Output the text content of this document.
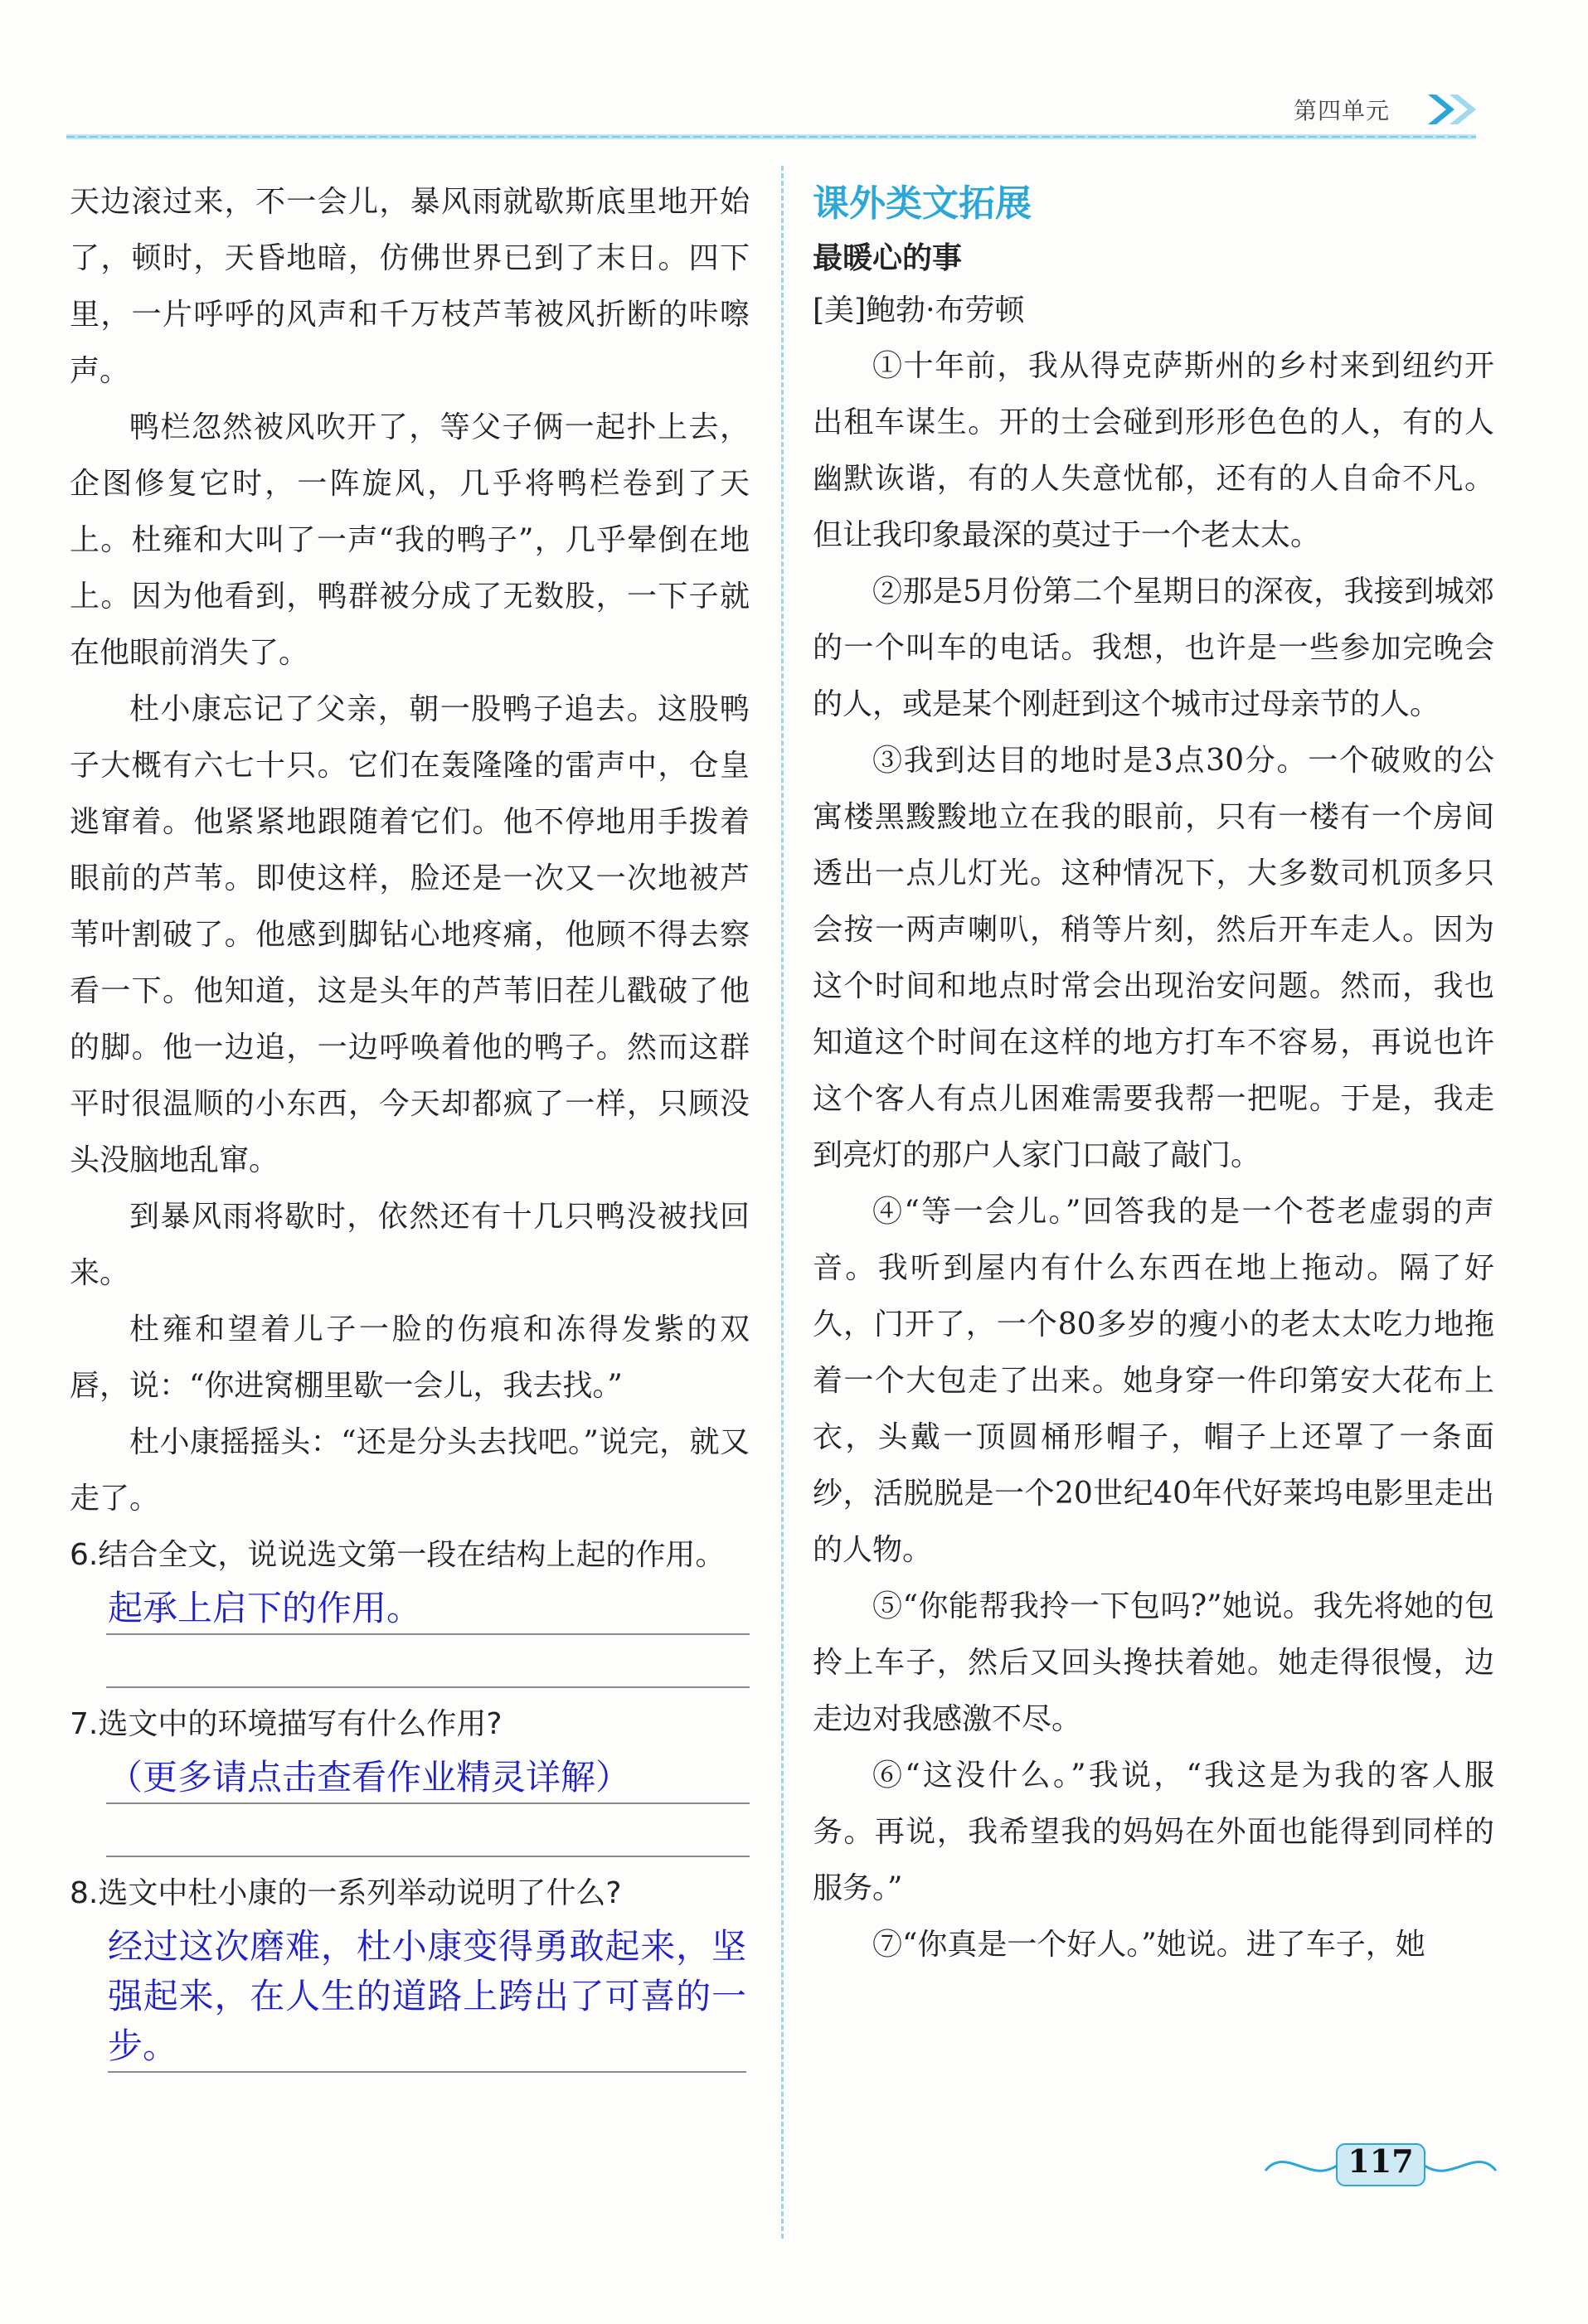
第四单元

天边滚过来，不一会儿，暴风雨就歇斯底里地开始了，顿时，天昏地暗，仿佛世界已到了末日。四下里，一片呼呼的风声和千万枝芦苇被风折断的咔嚓声。

鸭栏忽然被风吹开了，等父子俩一起扑上去，企图修复它时，一阵旋风，几乎将鸭栏卷到了天上。杜雍和大叫了一声“我的鸭子”，几乎晕倒在地上。因为他看到，鸭群被分成了无数股，一下子就在他眼前消失了。

杜小康忘记了父亲，朝一股鸭子追去。这股鸭子大概有六七十只。它们在轰隆隆的雷声中，仓皇逃窜着。他紧紧地跟随着它们。他不停地用手拨着眼前的芦苇。即使这样，脸还是一次又一次地被芦苇叶割破了。他感到脚钻心地疼痛，他顾不得去察看一下。他知道，这是头年的芦苇旧茬儿戳破了他的脚。他一边追，一边呼唤着他的鸭子。然而这群平时很温顺的小东西，今天却都疯了一样，只顾没头没脑地乱窜。

到暴风雨将歇时，依然还有十几只鸭没被找回来。

杜雍和望着儿子一脸的伤痕和冻得发紫的双唇，说：“你进窝棚里歇一会儿，我去找。”

杜小康摇摇头：“还是分头去找吧。”说完，就又走了。

6.结合全文，说说选文第一段在结构上起的作用。

起承上启下的作用。

7.选文中的环境描写有什么作用?

（更多请点击查看作业精灵详解）

8.选文中杜小康的一系列举动说明了什么?

经过这次磨难，杜小康变得勇敢起来，坚强起来，在人生的道路上跨出了可喜的一步。

课外类文拓展

最暖心的事

[美]鲍勃·布劳顿

①十年前，我从得克萨斯州的乡村来到纽约开出租车谋生。开的士会碰到形形色色的人，有的人幽默诙谐，有的人失意忧郁，还有的人自命不凡。但让我印象最深的莫过于一个老太太。

②那是5月份第二个星期日的深夜，我接到城郊的一个叫车的电话。我想，也许是一些参加完晚会的人，或是某个刚赶到这个城市过母亲节的人。

③我到达目的地时是3点30分。一个破败的公寓楼黑黢黢地立在我的眼前，只有一楼有一个房间透出一点儿灯光。这种情况下，大多数司机顶多只会按一两声喇叭，稍等片刻，然后开车走人。因为这个时间和地点时常会出现治安问题。然而，我也知道这个时间在这样的地方打车不容易，再说也许这个客人有点儿困难需要我帮一把呢。于是，我走到亮灯的那户人家门口敲了敲门。

④“等一会儿。”回答我的是一个苍老虚弱的声音。我听到屋内有什么东西在地上拖动。隔了好久，门开了，一个80多岁的瘦小的老太太吃力地拖着一个大包走了出来。她身穿一件印第安大花布上衣，头戴一顶圆桶形帽子，帽子上还罩了一条面纱，活脱脱是一个20世纪40年代好莱坞电影里走出的人物。

⑤“你能帮我拎一下包吗?”她说。我先将她的包拎上车子，然后又回头搀扶着她。她走得很慢，边走边对我感激不尽。

⑥“这没什么。”我说，“我这是为我的客人服务。再说，我希望我的妈妈在外面也能得到同样的服务。”

⑦“你真是一个好人。”她说。进了车子，她

117
